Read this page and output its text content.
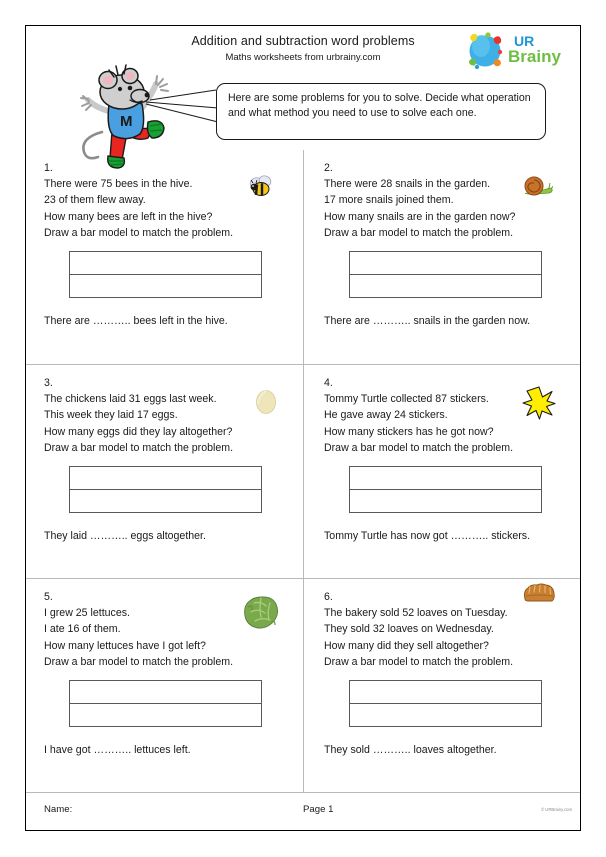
Addition and subtraction word problems
Maths worksheets from urbrainy.com
UR
Brainy
M

Here are some problems for you to solve. Decide what operation and what method you need to use to solve each one.

1.
There were 75 bees in the hive.
23 of them flew away.
How many bees are left in the hive?
Draw a bar model to match the problem.
There are ……….. bees left in the hive.
2.
There were 28 snails in the garden.
17 more snails joined them.
How many snails are in the garden now?
Draw a bar model to match the problem.
There are ……….. snails in the garden now.
3.
The chickens laid 31 eggs last week.
This week they laid 17 eggs.
How many eggs did they lay altogether?
Draw a bar model to match the problem.
They laid ……….. eggs altogether.
4.
Tommy Turtle collected 87 stickers.
He gave away 24 stickers.
How many stickers has he got now?
Draw a bar model to match the problem.
Tommy Turtle has now got ……….. stickers.
5.
I grew 25 lettuces.
I ate 16 of them.
How many lettuces have I got left?
Draw a bar model to match the problem.
I have got ……….. lettuces left.
6.
The bakery sold 52 loaves on Tuesday.
They sold 32 loaves on Wednesday.
How many did they sell altogether?
Draw a bar model to match the problem.
They sold ……….. loaves altogether.
Name:	Page 1	© URBrainy.com
